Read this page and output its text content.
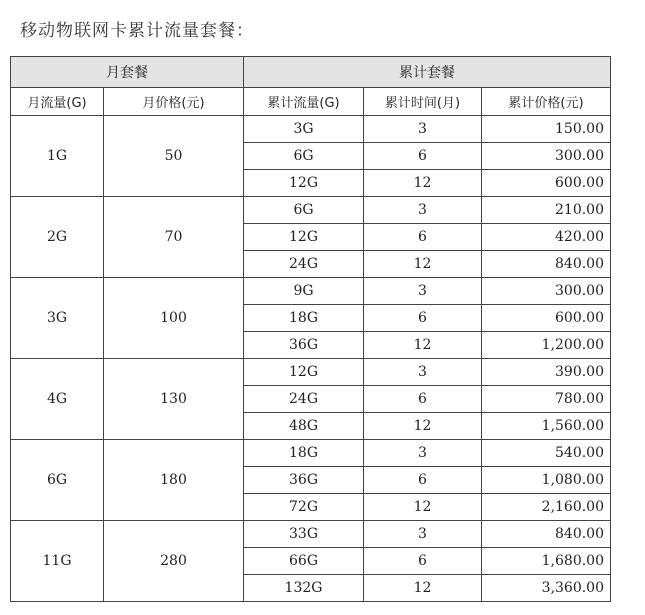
移动物联网卡累计流量套餐：
月套餐		累计套餐		
月流量(G)	月价格(元)	累计流量(G)	累计时间(月)	累计价格(元)
1G	50	3G	3	150.00
		6G	6	300.00
		12G	12	600.00
2G	70	6G	3	210.00
		12G	6	420.00
		24G	12	840.00
3G	100	9G	3	300.00
		18G	6	600.00
		36G	12	1,200.00
4G	130	12G	3	390.00
		24G	6	780.00
		48G	12	1,560.00
6G	180	18G	3	540.00
		36G	6	1,080.00
		72G	12	2,160.00
11G	280	33G	3	840.00
		66G	6	1,680.00
		132G	12	3,360.00
